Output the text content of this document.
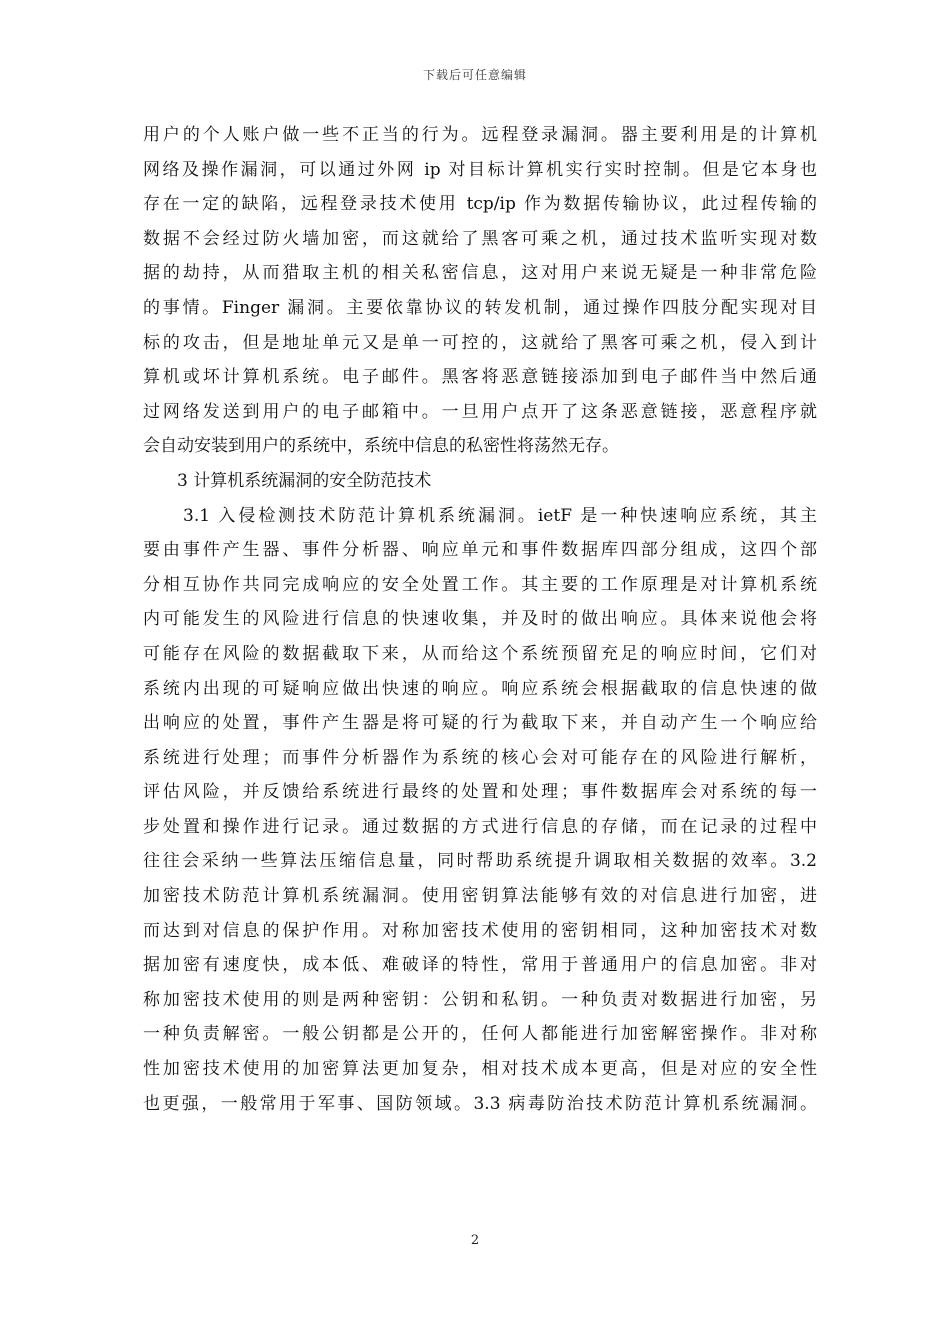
下载后可任意编辑
用户的个人账户做一些不正当的行为。远程登录漏洞。器主要利用是的计算机
网络及操作漏洞，可以通过外网 ip 对目标计算机实行实时控制。但是它本身也
存在一定的缺陷，远程登录技术使用 tcp/ip 作为数据传输协议，此过程传输的
数据不会经过防火墙加密，而这就给了黑客可乘之机，通过技术监听实现对数
据的劫持，从而猎取主机的相关私密信息，这对用户来说无疑是一种非常危险
的事情。Finger 漏洞。主要依靠协议的转发机制，通过操作四肢分配实现对目
标的攻击，但是地址单元又是单一可控的，这就给了黑客可乘之机，侵入到计
算机或坏计算机系统。电子邮件。黑客将恶意链接添加到电子邮件当中然后通
过网络发送到用户的电子邮箱中。一旦用户点开了这条恶意链接，恶意程序就
会自动安装到用户的系统中，系统中信息的私密性将荡然无存。
3 计算机系统漏洞的安全防范技术
3.1 入侵检测技术防范计算机系统漏洞。ietF 是一种快速响应系统，其主
要由事件产生器、事件分析器、响应单元和事件数据库四部分组成，这四个部
分相互协作共同完成响应的安全处置工作。其主要的工作原理是对计算机系统
内可能发生的风险进行信息的快速收集，并及时的做出响应。具体来说他会将
可能存在风险的数据截取下来，从而给这个系统预留充足的响应时间，它们对
系统内出现的可疑响应做出快速的响应。响应系统会根据截取的信息快速的做
出响应的处置，事件产生器是将可疑的行为截取下来，并自动产生一个响应给
系统进行处理；而事件分析器作为系统的核心会对可能存在的风险进行解析，
评估风险，并反馈给系统进行最终的处置和处理；事件数据库会对系统的每一
步处置和操作进行记录。通过数据的方式进行信息的存储，而在记录的过程中
往往会采纳一些算法压缩信息量，同时帮助系统提升调取相关数据的效率。3.2
加密技术防范计算机系统漏洞。使用密钥算法能够有效的对信息进行加密，进
而达到对信息的保护作用。对称加密技术使用的密钥相同，这种加密技术对数
据加密有速度快，成本低、难破译的特性，常用于普通用户的信息加密。非对
称加密技术使用的则是两种密钥：公钥和私钥。一种负责对数据进行加密，另
一种负责解密。一般公钥都是公开的，任何人都能进行加密解密操作。非对称
性加密技术使用的加密算法更加复杂，相对技术成本更高，但是对应的安全性
也更强，一般常用于军事、国防领域。3.3 病毒防治技术防范计算机系统漏洞。
2
